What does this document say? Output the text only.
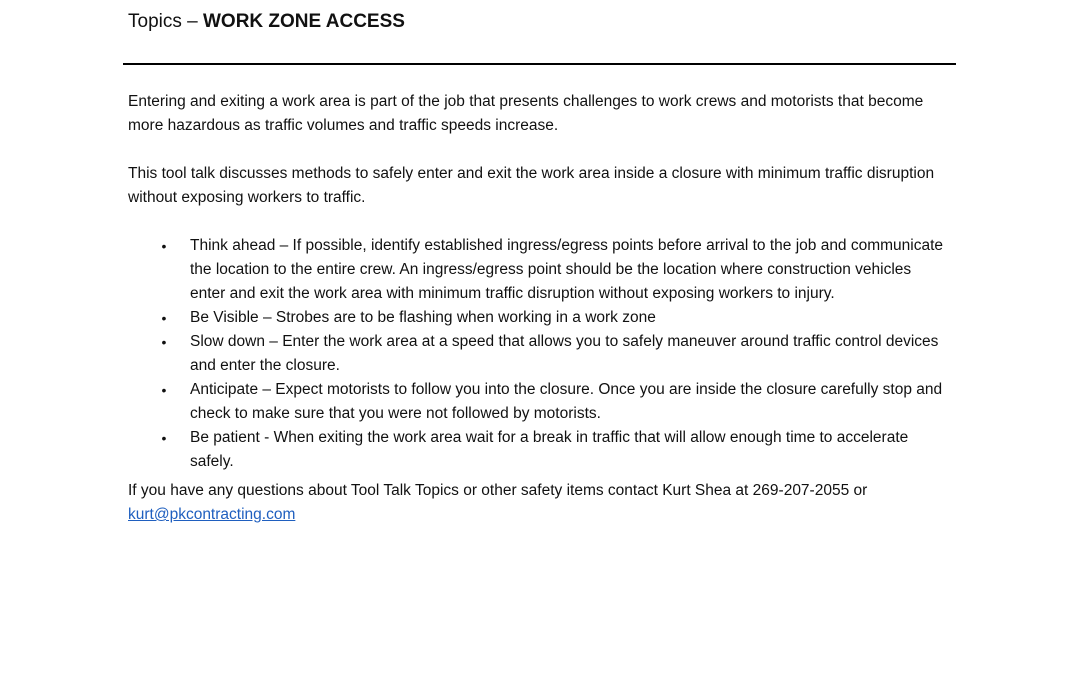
Topics – WORK ZONE ACCESS

Entering and exiting a work area is part of the job that presents challenges to work crews and motorists that become more hazardous as traffic volumes and traffic speeds increase.

This tool talk discusses methods to safely enter and exit the work area inside a closure with minimum traffic disruption without exposing workers to traffic.

• Think ahead – If possible, identify established ingress/egress points before arrival to the job and communicate the location to the entire crew. An ingress/egress point should be the location where construction vehicles enter and exit the work area with minimum traffic disruption without exposing workers to injury.
• Be Visible – Strobes are to be flashing when working in a work zone
• Slow down – Enter the work area at a speed that allows you to safely maneuver around traffic control devices and enter the closure.
• Anticipate – Expect motorists to follow you into the closure. Once you are inside the closure carefully stop and check to make sure that you were not followed by motorists.
• Be patient - When exiting the work area wait for a break in traffic that will allow enough time to accelerate safely.

If you have any questions about Tool Talk Topics or other safety items contact Kurt Shea at 269-207-2055 or kurt@pkcontracting.com
